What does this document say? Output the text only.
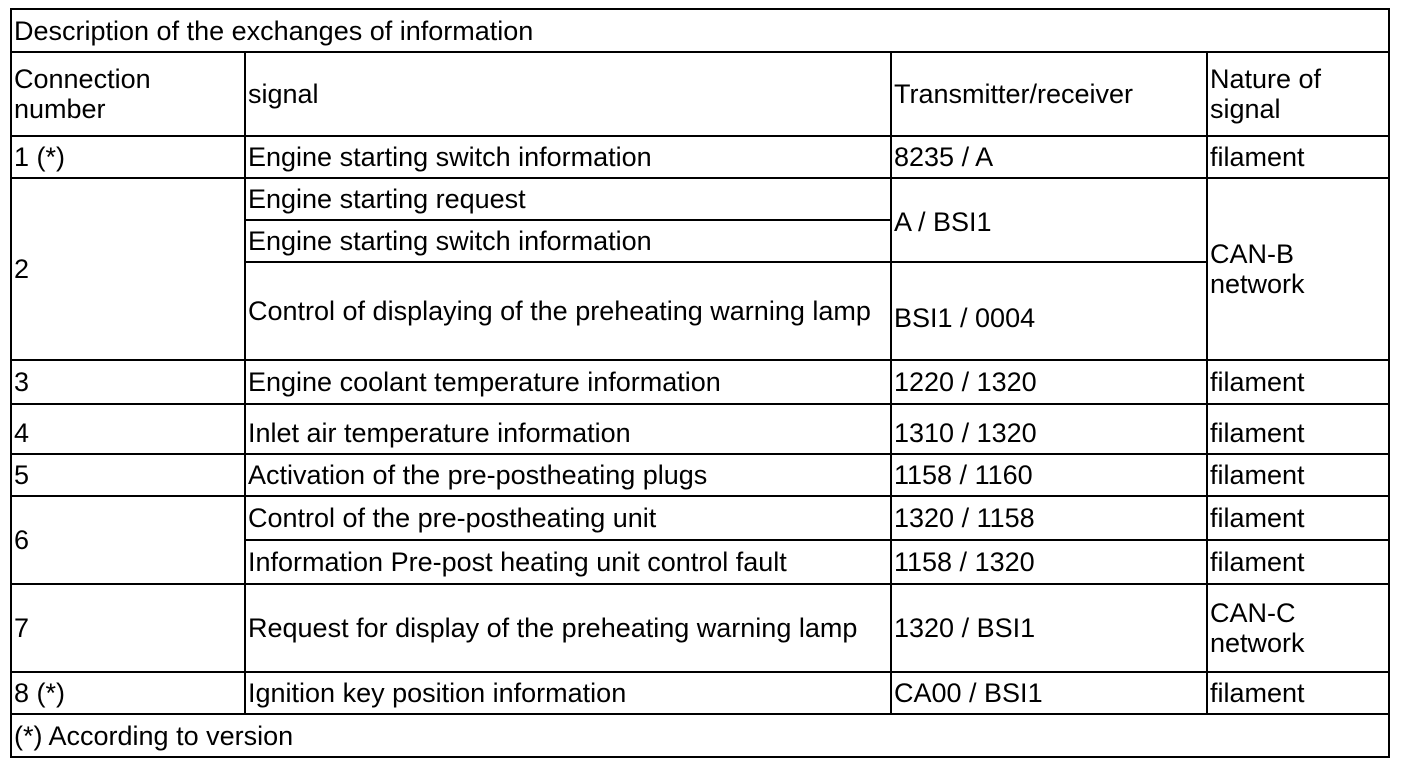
Description of the exchanges of information			
Connection number	signal	Transmitter/receiver	Nature of signal
1 (*)	Engine starting switch information	8235 / A	filament
2	Engine starting request	A / BSI1	CAN-B network
	Engine starting switch information		
	Control of displaying of the preheating warning lamp	BSI1 / 0004	
3	Engine coolant temperature information	1220 / 1320	filament
4	Inlet air temperature information	1310 / 1320	filament
5	Activation of the pre-postheating plugs	1158 / 1160	filament
6	Control of the pre-postheating unit	1320 / 1158	filament
	Information Pre-post heating unit control fault	1158 / 1320	filament
7	Request for display of the preheating warning lamp	1320 / BSI1	CAN-C network
8 (*)	Ignition key position information	CA00 / BSI1	filament
(*) According to version			
